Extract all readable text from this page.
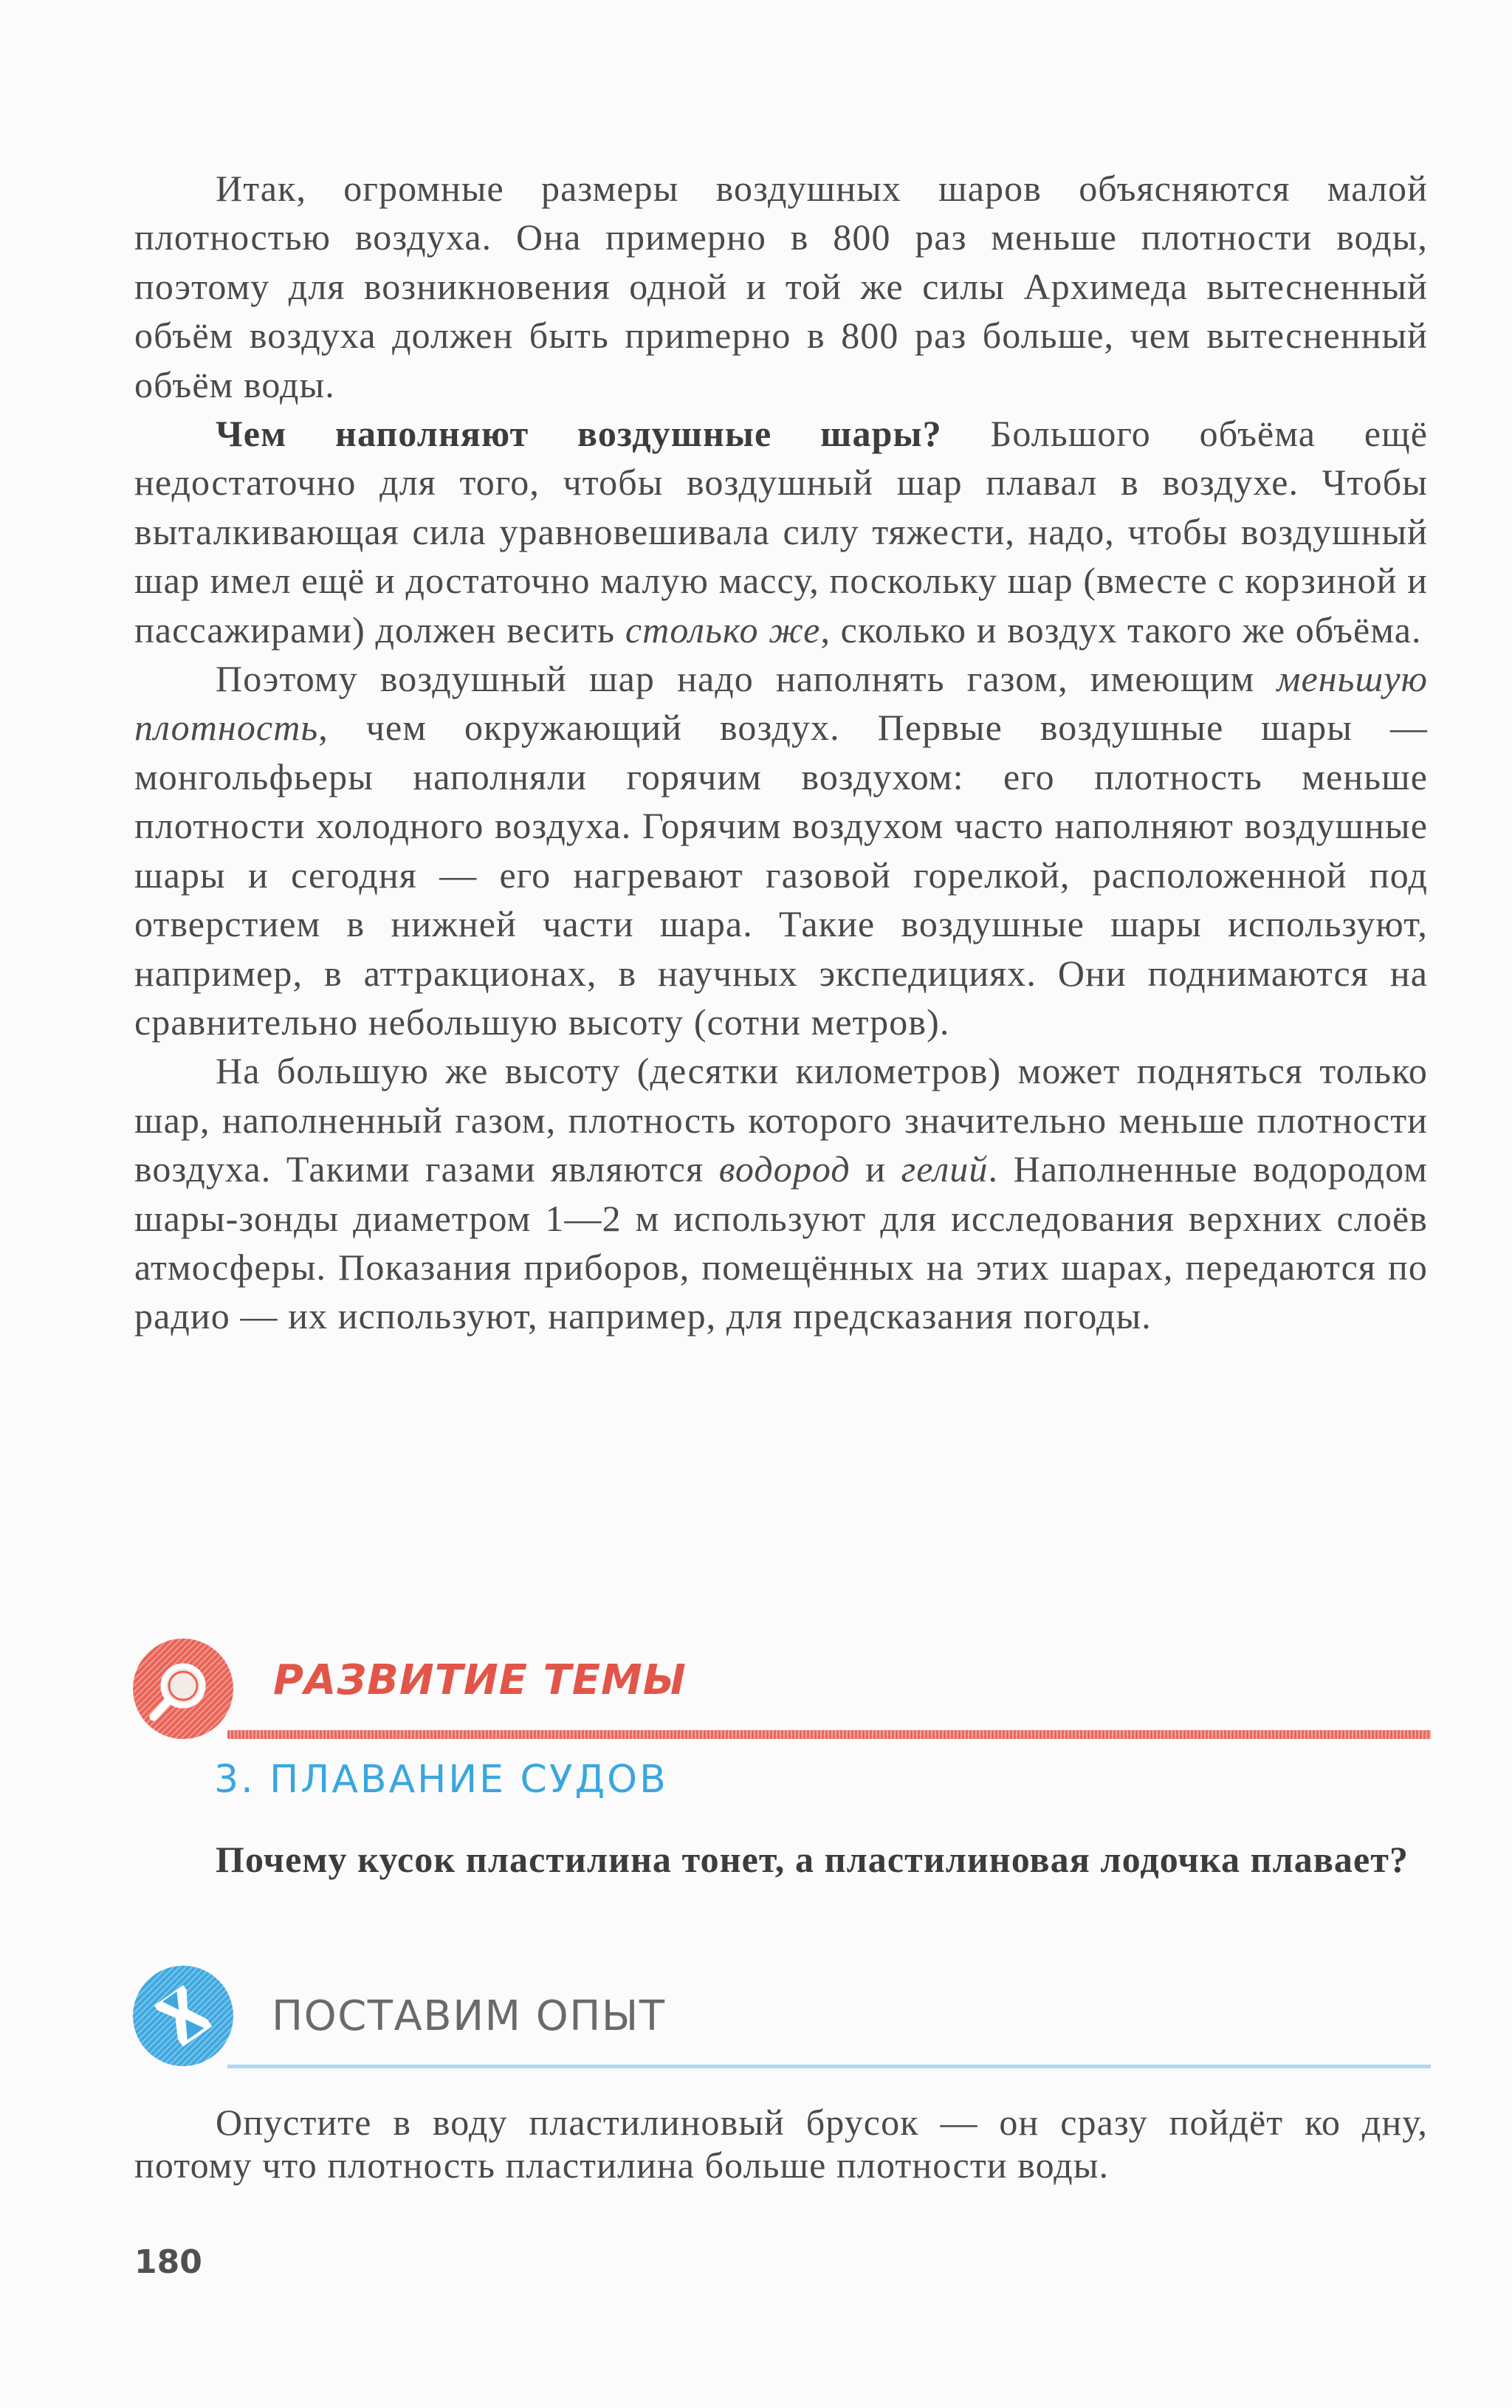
Итак, огромные размеры воздушных шаров объясняются малой плотностью воздуха. Она примерно в 800 раз меньше плотности воды, поэтому для возникновения одной и той же силы Архимеда вытесненный объём воздуха должен быть приmерно в 800 раз больше, чем вытесненный объём воды.

Чем наполняют воздушные шары? Большого объёма ещё недостаточно для того, чтобы воздушный шар плавал в воздухе. Чтобы выталкивающая сила уравновешивала силу тяжести, надо, чтобы воздушный шар имел ещё и достаточно малую массу, поскольку шар (вместе с корзиной и пассажирами) должен весить столько же, сколько и воздух такого же объёма.

Поэтому воздушный шар надо наполнять газом, имеющим меньшую плотность, чем окружающий воздух. Первые воздушные шары — монгольфьеры наполняли горячим воздухом: его плотность меньше плотности холодного воздуха. Горячим воздухом часто наполняют воздушные шары и сегодня — его нагревают газовой горелкой, расположенной под отверстием в нижней части шара. Такие воздушные шары используют, например, в аттракционах, в научных экспедициях. Они поднимаются на сравнительно небольшую высоту (сотни метров).

На большую же высоту (десятки километров) может подняться только шар, наполненный газом, плотность которого значительно меньше плотности воздуха. Такими газами являются водород и гелий. Наполненные водородом шары-зонды диаметром 1—2 м используют для исследования верхних слоёв атмосферы. Показания приборов, помещённых на этих шарах, передаются по радио — их используют, например, для предсказания погоды.

РАЗВИТИЕ ТЕМЫ
3. ПЛАВАНИЕ СУДОВ
Почему кусок пластилина тонет, а пластилиновая лодочка плавает?
ПОСТАВИМ ОПЫТ

Опустите в воду пластилиновый брусок — он сразу пойдёт ко дну, потому что плотность пластилина больше плотности воды.

180
